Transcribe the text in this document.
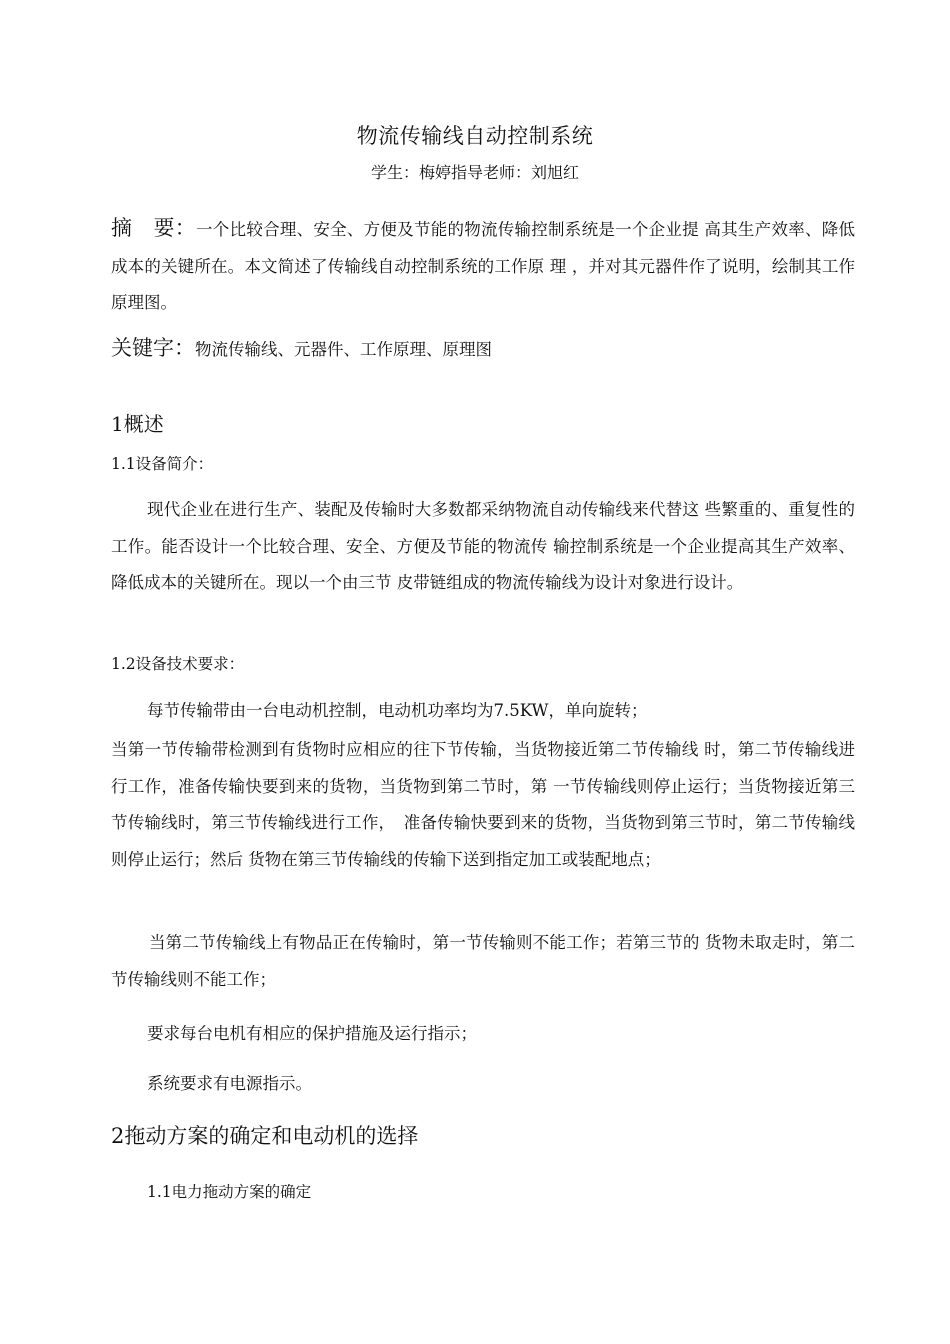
物流传输线自动控制系统
学生：梅婷指导老师：刘旭红
摘　要：一个比较合理、安全、方便及节能的物流传输控制系统是一个企业提 高其生产效率、降低成本的关键所在。本文简述了传输线自动控制系统的工作原 理 ，并对其元器件作了说明，绘制其工作原理图。
关键字：物流传输线、元器件、工作原理、原理图
1概述
1.1设备简介：
现代企业在进行生产、装配及传输时大多数都采纳物流自动传输线来代替这 些繁重的、重复性的工作。能否设计一个比较合理、安全、方便及节能的物流传 输控制系统是一个企业提高其生产效率、降低成本的关键所在。现以一个由三节 皮带链组成的物流传输线为设计对象进行设计。
1.2设备技术要求：
每节传输带由一台电动机控制，电动机功率均为7.5KW，单向旋转；
当第一节传输带检测到有货物时应相应的往下节传输，当货物接近第二节传输线 时，第二节传输线进行工作，准备传输快要到来的货物，当货物到第二节时，第 一节传输线则停止运行；当货物接近第三节传输线时，第三节传输线进行工作，　准备传输快要到来的货物，当货物到第三节时，第二节传输线则停止运行；然后 货物在第三节传输线的传输下送到指定加工或装配地点；
当第二节传输线上有物品正在传输时，第一节传输则不能工作；若第三节的 货物未取走时，第二节传输线则不能工作；
要求每台电机有相应的保护措施及运行指示；
系统要求有电源指示。
2拖动方案的确定和电动机的选择
1.1电力拖动方案的确定
